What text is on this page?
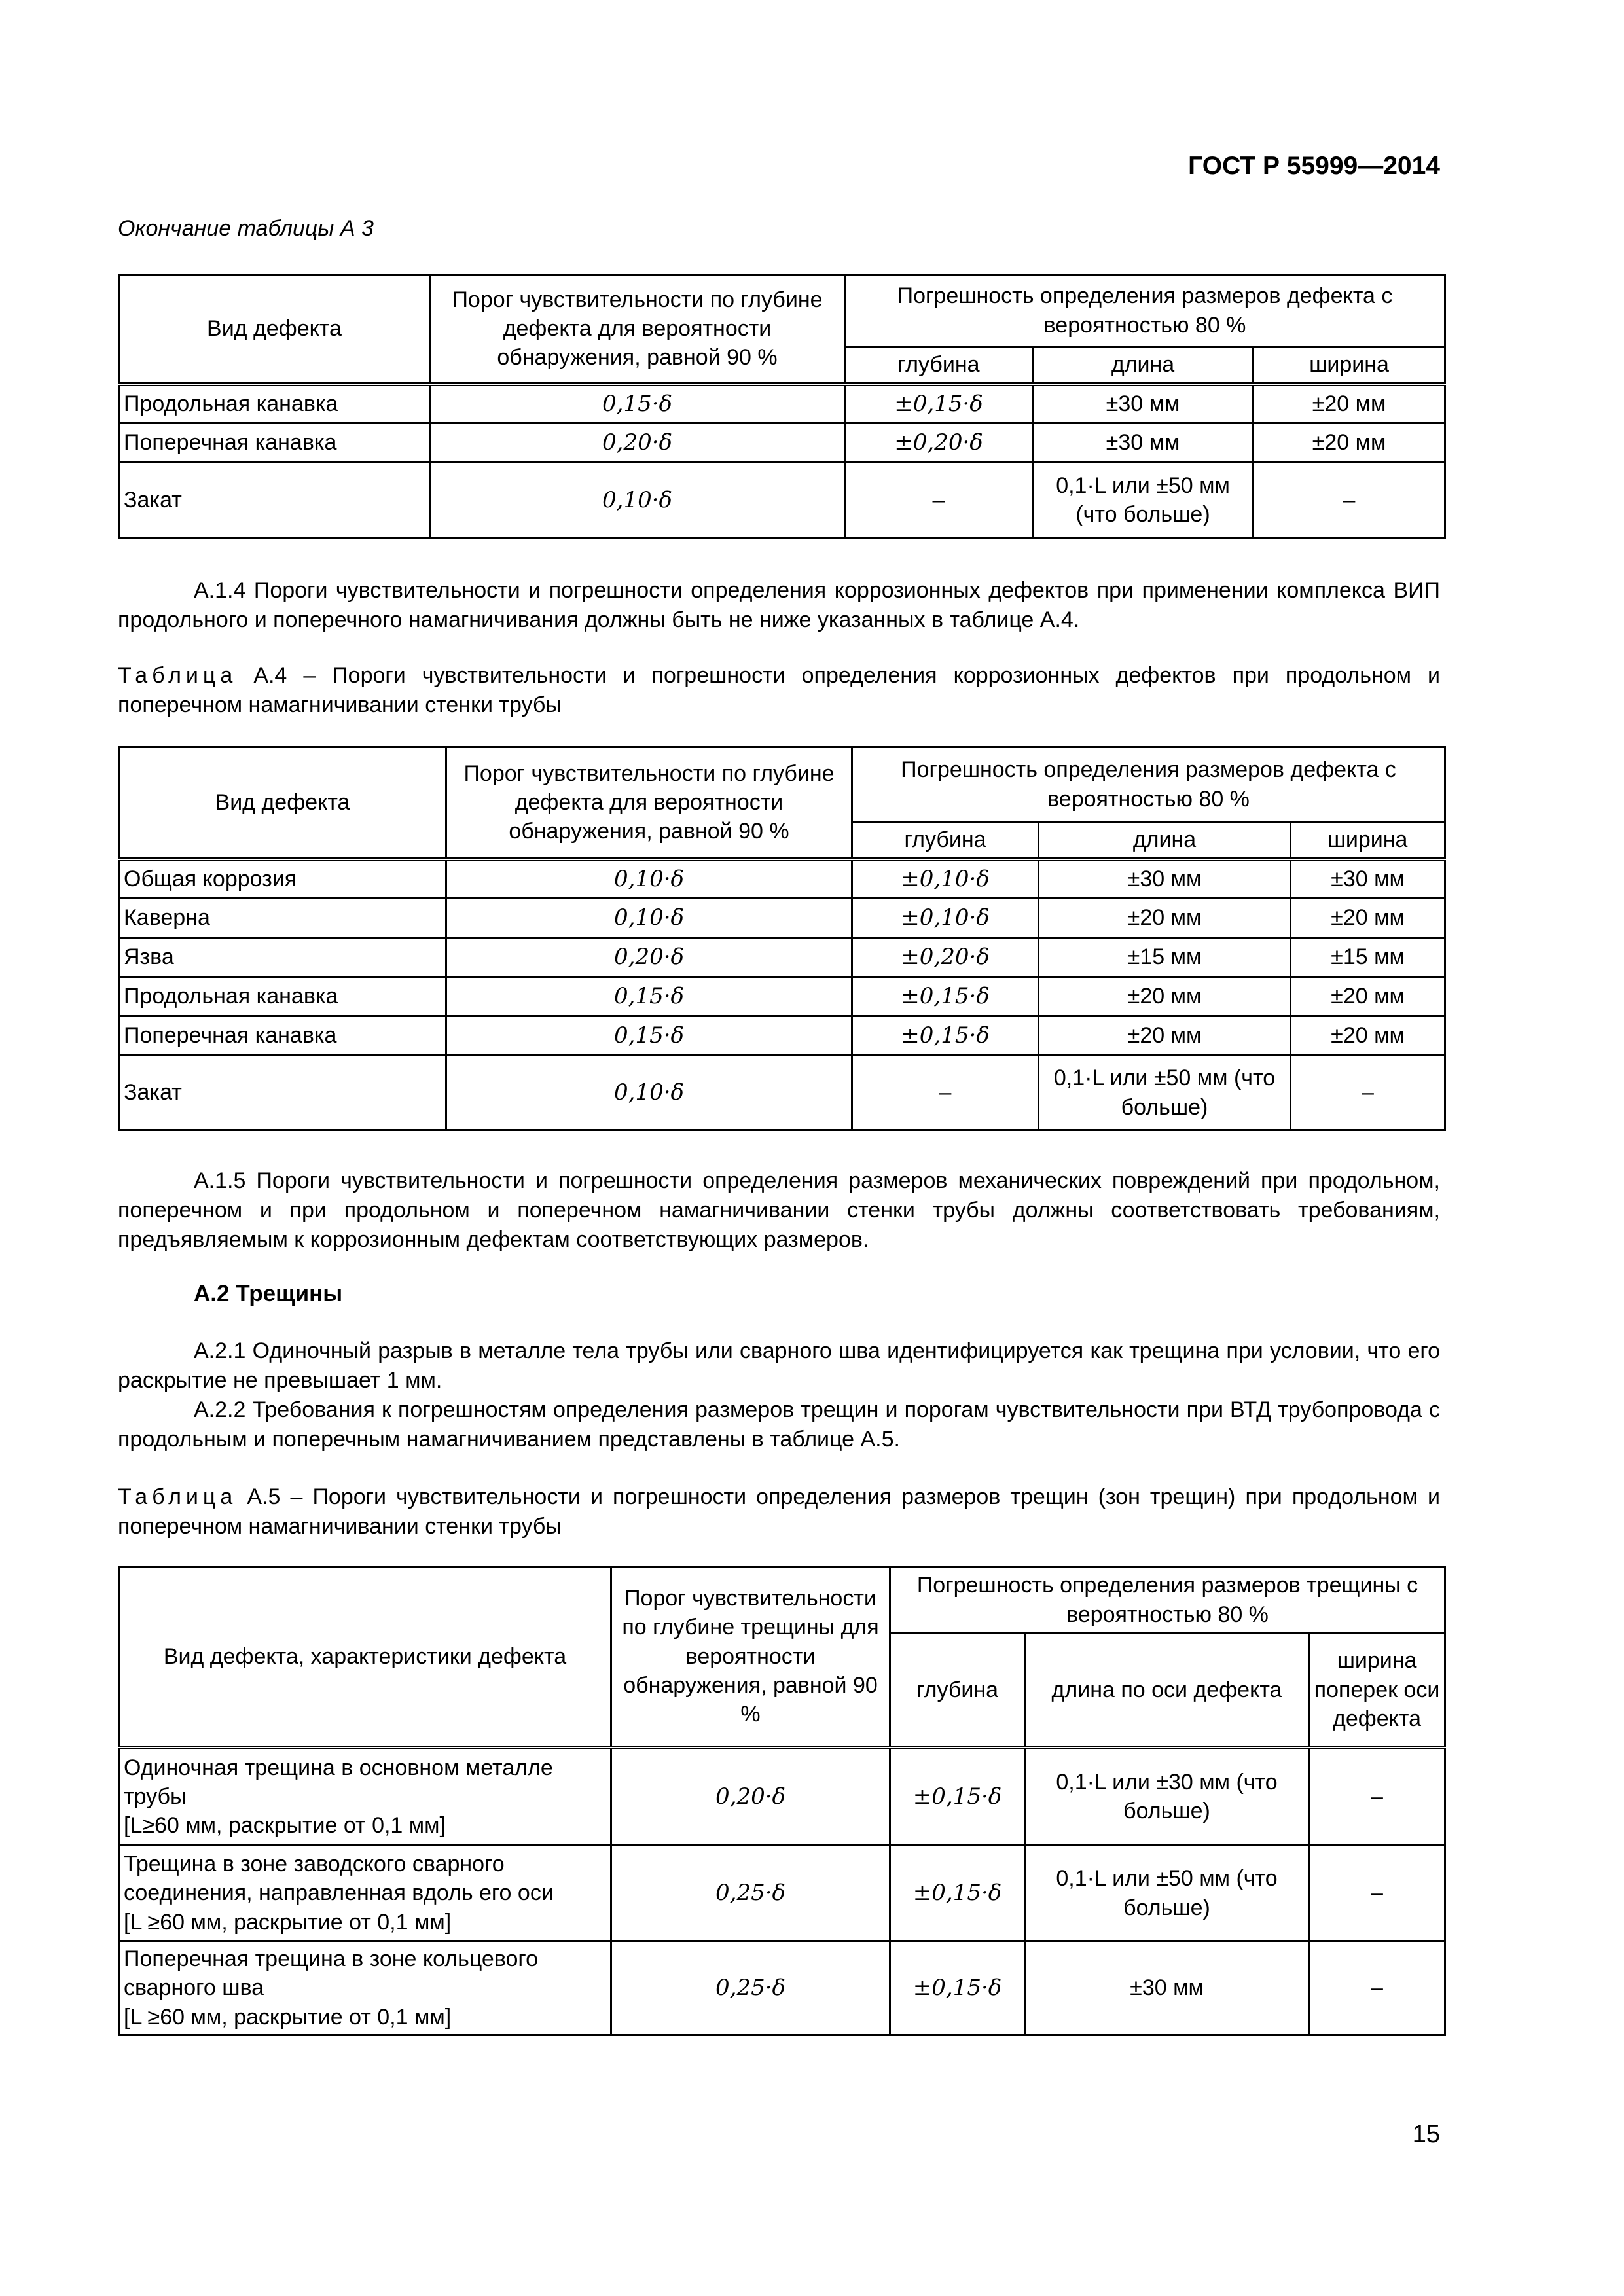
ГОСТ Р 55999—2014
Окончание таблицы А 3
Вид дефекта	Порог чувствительности по глубине дефекта для вероятности обнаружения, равной 90 %	Погрешность определения размеров дефекта с вероятностью 80 %		
		глубина	длина	ширина
Продольная канавка	0,15·δ	±0,15·δ	±30 мм	±20 мм
Поперечная канавка	0,20·δ	±0,20·δ	±30 мм	±20 мм
Закат	0,10·δ	–	0,1·L или ±50 мм (что больше)	–
А.1.4 Пороги чувствительности и погрешности определения коррозионных дефектов при применении комплекса ВИП продольного и поперечного намагничивания должны быть не ниже указанных в таблице А.4.
Таблица А.4 – Пороги чувствительности и погрешности определения коррозионных дефектов при продольном и поперечном намагничивании стенки трубы
Вид дефекта	Порог чувствительности по глубине дефекта для вероятности обнаружения, равной 90 %	Погрешность определения размеров дефекта с вероятностью 80 %		
		глубина	длина	ширина
Общая коррозия	0,10·δ	±0,10·δ	±30 мм	±30 мм
Каверна	0,10·δ	±0,10·δ	±20 мм	±20 мм
Язва	0,20·δ	±0,20·δ	±15 мм	±15 мм
Продольная канавка	0,15·δ	±0,15·δ	±20 мм	±20 мм
Поперечная канавка	0,15·δ	±0,15·δ	±20 мм	±20 мм
Закат	0,10·δ	–	0,1·L или ±50 мм (что больше)	–
А.1.5 Пороги чувствительности и погрешности определения размеров механических повреждений при продольном, поперечном и при продольном и поперечном намагничивании стенки трубы должны соответствовать требованиям, предъявляемым к коррозионным дефектам соответствующих размеров.
А.2 Трещины
А.2.1 Одиночный разрыв в металле тела трубы или сварного шва идентифицируется как трещина при условии, что его раскрытие не превышает 1 мм.
А.2.2 Требования к погрешностям определения размеров трещин и порогам чувствительности при ВТД трубопровода с продольным и поперечным намагничиванием представлены в таблице А.5.
Таблица А.5 – Пороги чувствительности и погрешности определения размеров трещин (зон трещин) при продольном и поперечном намагничивании стенки трубы
Вид дефекта, характеристики дефекта	Порог чувствительности по глубине трещины для вероятности обнаружения, равной 90 %	Погрешность определения размеров трещины с вероятностью 80 %		
		глубина	длина по оси дефекта	ширина поперек оси дефекта
Одиночная трещина в основном металле трубы
[L≥60 мм, раскрытие от 0,1 мм]	0,20·δ	±0,15·δ	0,1·L или ±30 мм (что больше)	–
Трещина в зоне заводского сварного соединения, направленная вдоль его оси
[L ≥60 мм, раскрытие от 0,1 мм]	0,25·δ	±0,15·δ	0,1·L или ±50 мм (что больше)	–
Поперечная трещина в зоне кольцевого сварного шва
[L ≥60 мм, раскрытие от 0,1 мм]	0,25·δ	±0,15·δ	±30 мм	–
15
